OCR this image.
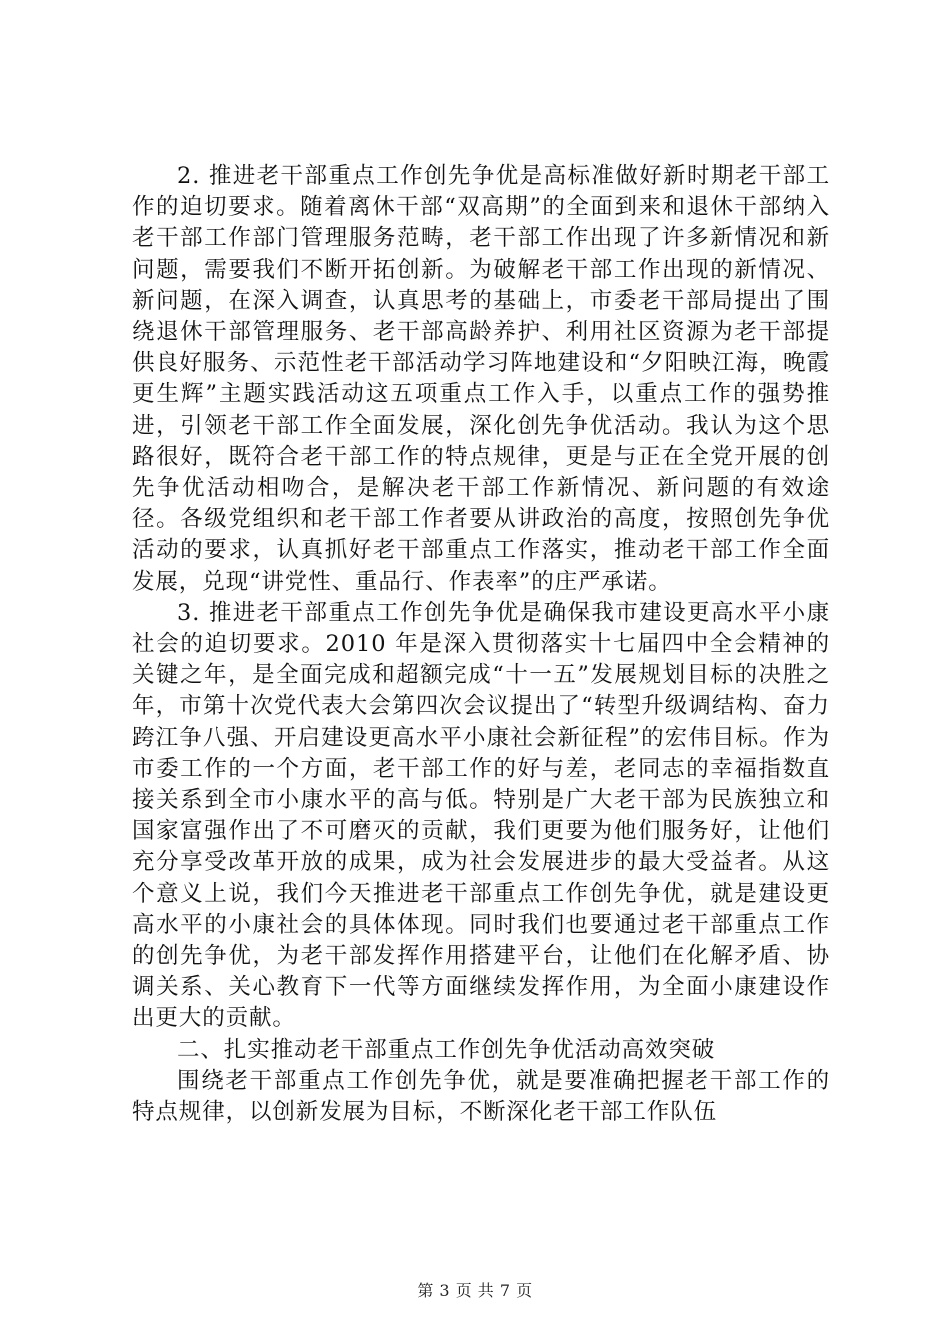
2. 推进老干部重点工作创先争优是高标准做好新时期老干部工作的迫切要求。随着离休干部“双高期”的全面到来和退休干部纳入老干部工作部门管理服务范畴，老干部工作出现了许多新情况和新问题，需要我们不断开拓创新。为破解老干部工作出现的新情况、新问题，在深入调查，认真思考的基础上，市委老干部局提出了围绕退休干部管理服务、老干部高龄养护、利用社区资源为老干部提供良好服务、示范性老干部活动学习阵地建设和“夕阳映江海，晚霞更生辉”主题实践活动这五项重点工作入手，以重点工作的强势推进，引领老干部工作全面发展，深化创先争优活动。我认为这个思路很好，既符合老干部工作的特点规律，更是与正在全党开展的创先争优活动相吻合，是解决老干部工作新情况、新问题的有效途径。各级党组织和老干部工作者要从讲政治的高度，按照创先争优活动的要求，认真抓好老干部重点工作落实，推动老干部工作全面发展，兑现“讲党性、重品行、作表率”的庄严承诺。

3. 推进老干部重点工作创先争优是确保我市建设更高水平小康社会的迫切要求。2010 年是深入贯彻落实十七届四中全会精神的关键之年，是全面完成和超额完成“十一五”发展规划目标的决胜之年，市第十次党代表大会第四次会议提出了“转型升级调结构、奋力跨江争八强、开启建设更高水平小康社会新征程”的宏伟目标。作为市委工作的一个方面，老干部工作的好与差，老同志的幸福指数直接关系到全市小康水平的高与低。特别是广大老干部为民族独立和国家富强作出了不可磨灭的贡献，我们更要为他们服务好，让他们充分享受改革开放的成果，成为社会发展进步的最大受益者。从这个意义上说，我们今天推进老干部重点工作创先争优，就是建设更高水平的小康社会的具体体现。同时我们也要通过老干部重点工作的创先争优，为老干部发挥作用搭建平台，让他们在化解矛盾、协调关系、关心教育下一代等方面继续发挥作用，为全面小康建设作出更大的贡献。

二、扎实推动老干部重点工作创先争优活动高效突破

围绕老干部重点工作创先争优，就是要准确把握老干部工作的特点规律，以创新发展为目标，不断深化老干部工作队伍

第 3 页 共 7 页
